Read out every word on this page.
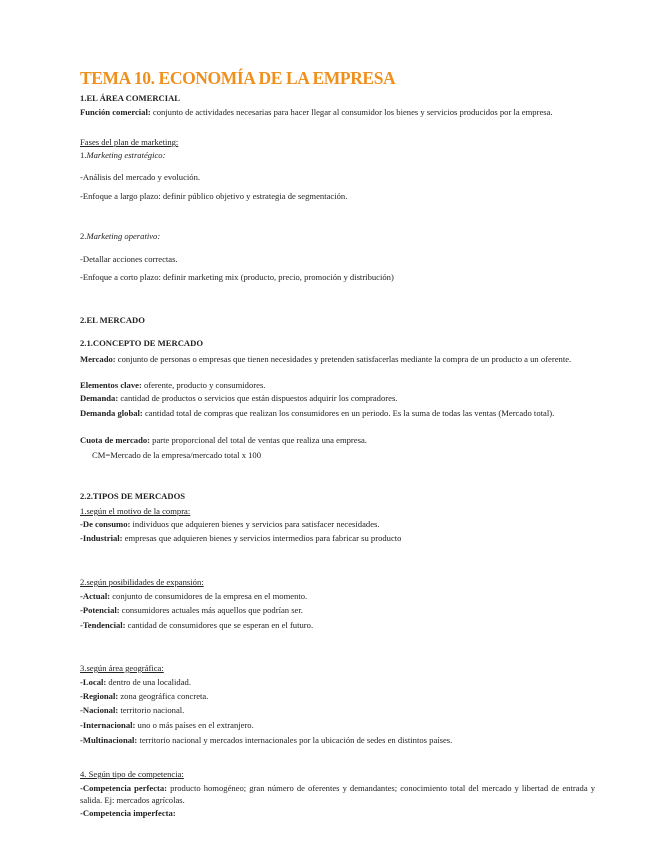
TEMA 10. ECONOMÍA DE LA EMPRESA

1.EL ÁREA COMERCIAL

Función comercial: conjunto de actividades necesarias para hacer llegar al consumidor los bienes y servicios producidos por la empresa.

Fases del plan de marketing:

1.Marketing estratégico:

-Análisis del mercado y evolución.

-Enfoque a largo plazo: definir público objetivo y estrategia de segmentación.

2.Marketing operativo:

-Detallar acciones correctas.

-Enfoque a corto plazo: definir marketing mix (producto, precio, promoción y distribución)

2.EL MERCADO

2.1.CONCEPTO DE MERCADO

Mercado: conjunto de personas o empresas que tienen necesidades y pretenden satisfacerlas mediante la compra de un producto a un oferente.

Elementos clave: oferente, producto y consumidores.

Demanda: cantidad de productos o servicios que están dispuestos adquirir los compradores.

Demanda global: cantidad total de compras que realizan los consumidores en un periodo. Es la suma de todas las ventas (Mercado total).

Cuota de mercado: parte proporcional del total de ventas que realiza una empresa.

CM=Mercado de la empresa/mercado total x 100

2.2.TIPOS DE MERCADOS

1.según el motivo de la compra:

-De consumo: individuos que adquieren bienes y servicios para satisfacer necesidades.

-Industrial: empresas que adquieren bienes y servicios intermedios para fabricar su producto

2.según posibilidades de expansión:

-Actual: conjunto de consumidores de la empresa en el momento.

-Potencial: consumidores actuales más aquellos que podrían ser.

-Tendencial: cantidad de consumidores que se esperan en el futuro.

3.según área geográfica:

-Local: dentro de una localidad.

-Regional: zona geográfica concreta.

-Nacional: territorio nacional.

-Internacional: uno o más países en el extranjero.

-Multinacional: territorio nacional y mercados internacionales por la ubicación de sedes en distintos países.

4. Según tipo de competencia:

-Competencia perfecta: producto homogéneo; gran número de oferentes y demandantes; conocimiento total del mercado y libertad de entrada y salida. Ej: mercados agrícolas.

-Competencia imperfecta:
